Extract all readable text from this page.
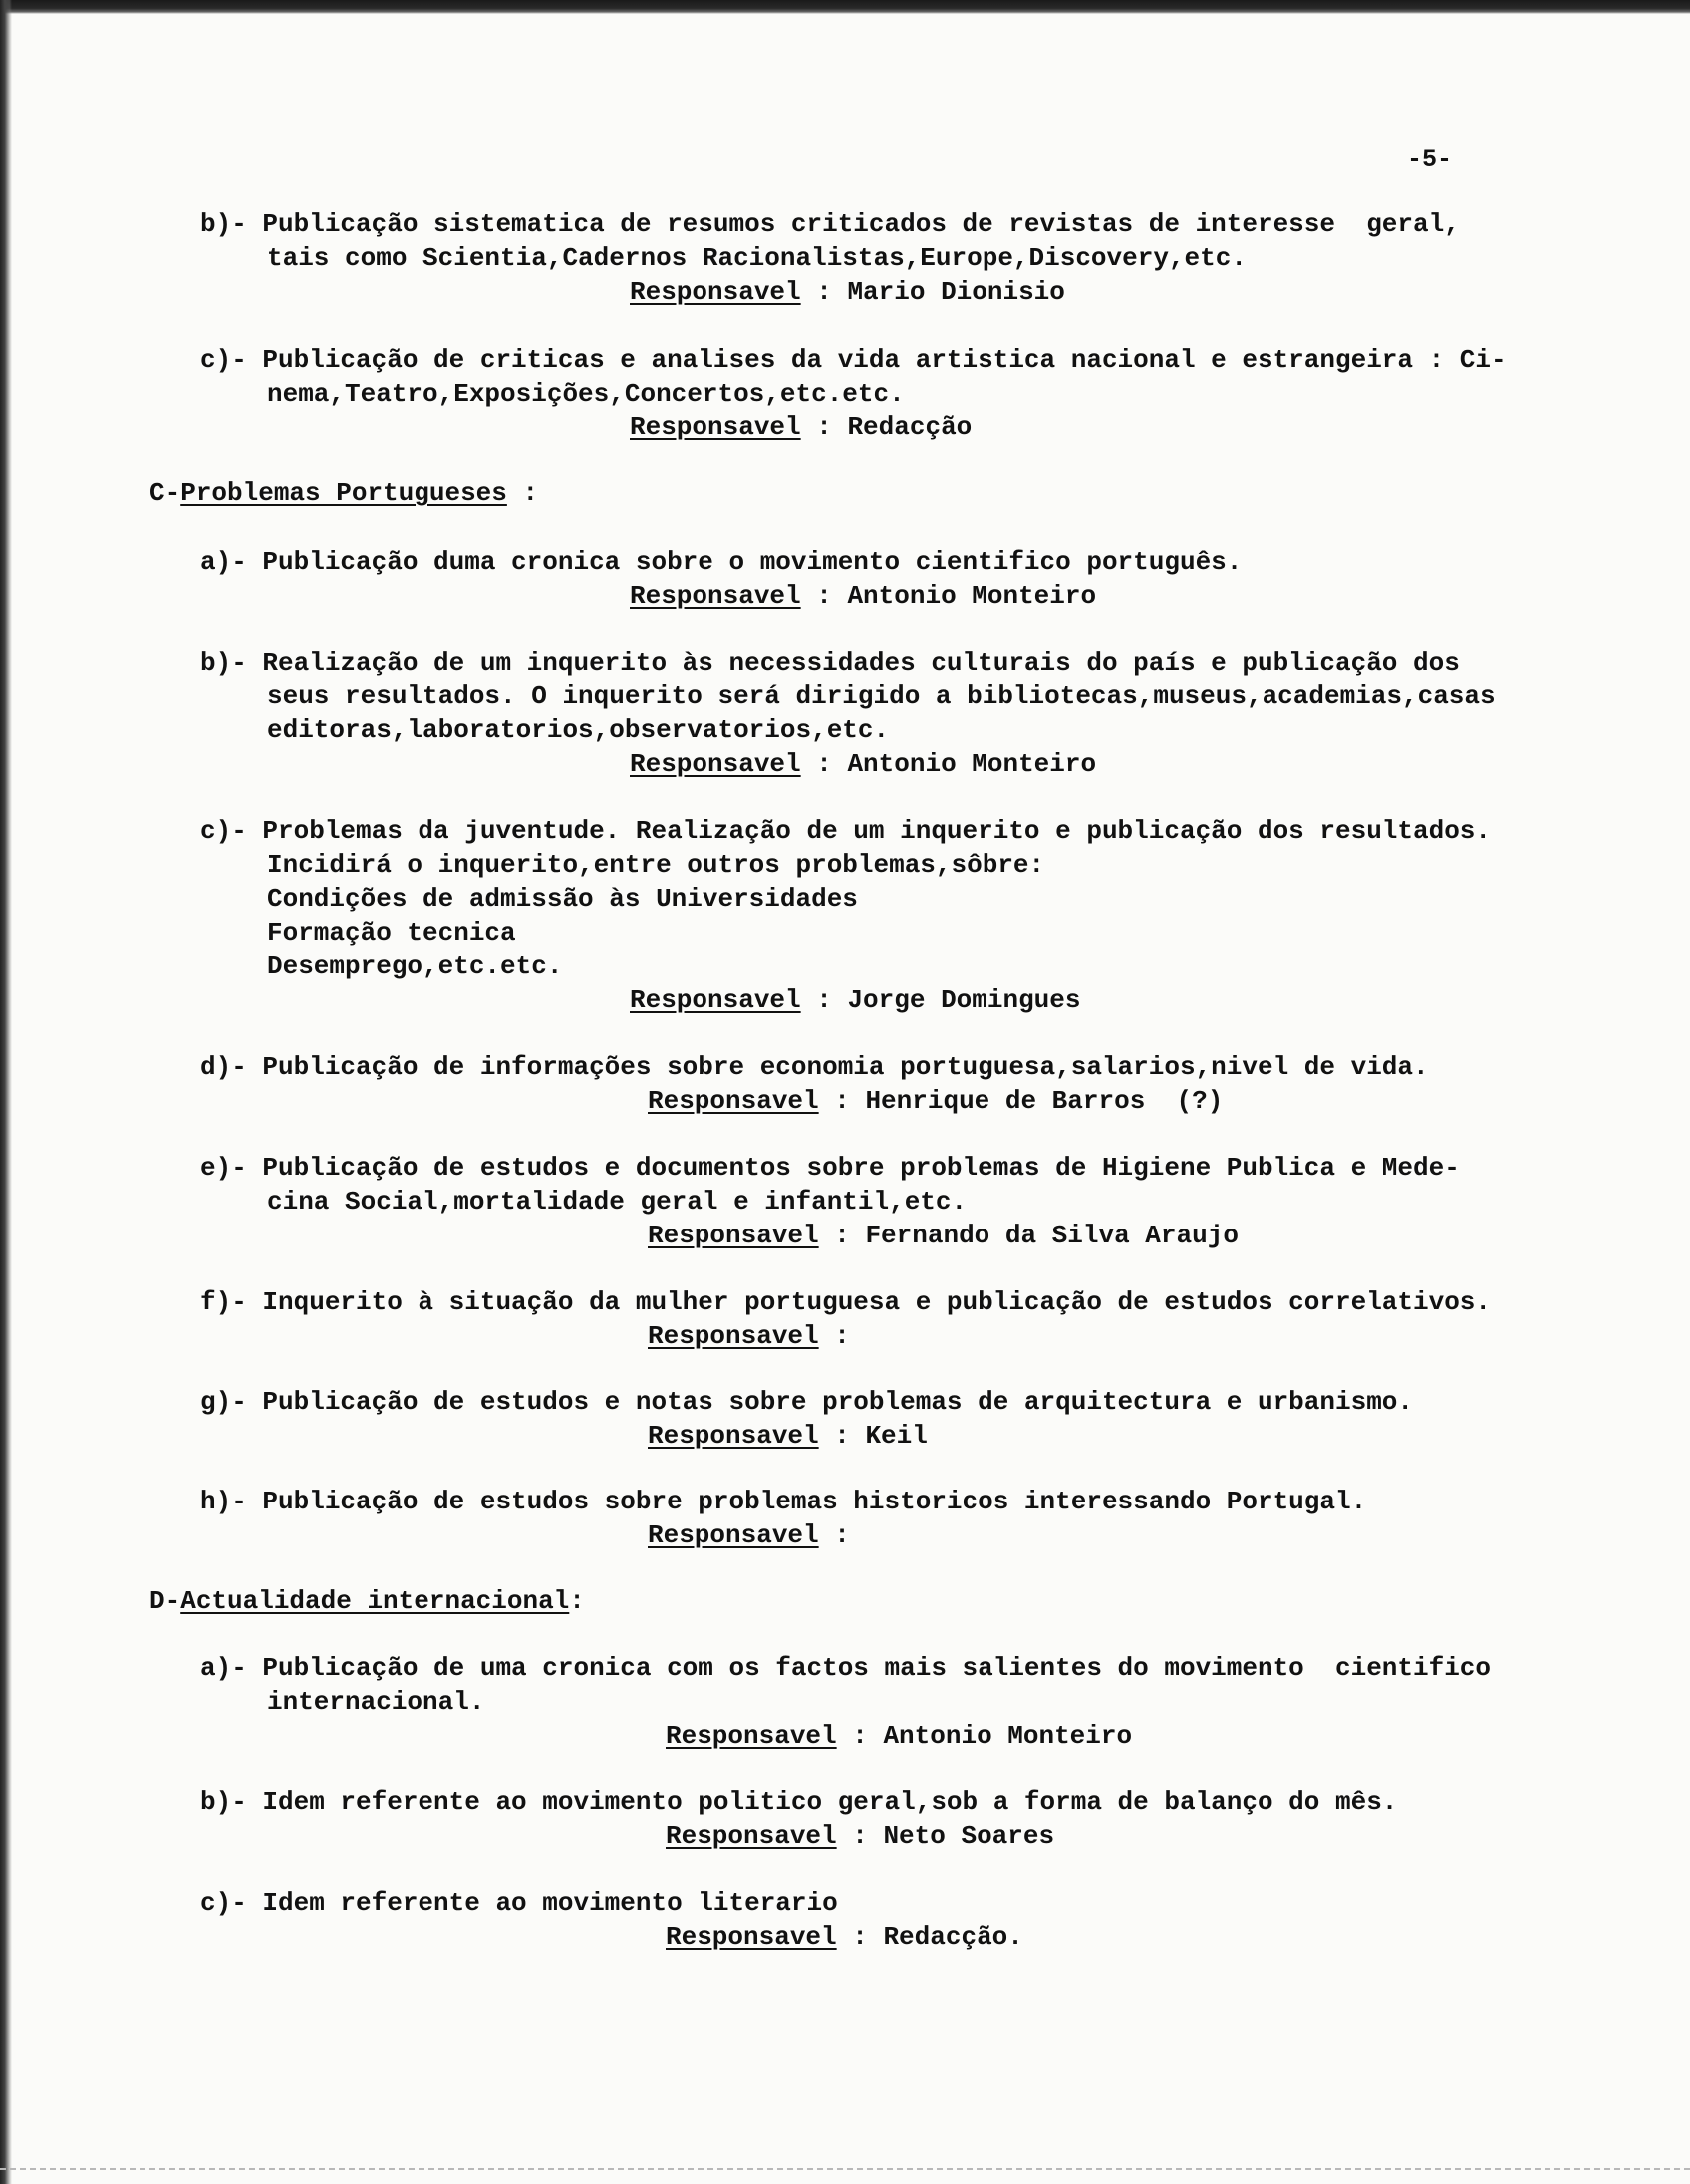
-5-
b)- Publicação sistematica de resumos criticados de revistas de interesse  geral,
tais como Scientia,Cadernos Racionalistas,Europe,Discovery,etc.
Responsavel : Mario Dionisio
c)- Publicação de criticas e analises da vida artistica nacional e estrangeira : Ci-
nema,Teatro,Exposições,Concertos,etc.etc.
Responsavel : Redacção
C-Problemas Portugueses :
a)- Publicação duma cronica sobre o movimento cientifico português.
Responsavel : Antonio Monteiro
b)- Realização de um inquerito às necessidades culturais do país e publicação dos
seus resultados. O inquerito será dirigido a bibliotecas,museus,academias,casas
editoras,laboratorios,observatorios,etc.
Responsavel : Antonio Monteiro
c)- Problemas da juventude. Realização de um inquerito e publicação dos resultados.
Incidirá o inquerito,entre outros problemas,sôbre:
Condições de admissão às Universidades
Formação tecnica
Desemprego,etc.etc.
Responsavel : Jorge Domingues
d)- Publicação de informações sobre economia portuguesa,salarios,nivel de vida.
Responsavel : Henrique de Barros  (?)
e)- Publicação de estudos e documentos sobre problemas de Higiene Publica e Mede-
cina Social,mortalidade geral e infantil,etc.
Responsavel : Fernando da Silva Araujo
f)- Inquerito à situação da mulher portuguesa e publicação de estudos correlativos.
Responsavel :
g)- Publicação de estudos e notas sobre problemas de arquitectura e urbanismo.
Responsavel : Keil
h)- Publicação de estudos sobre problemas historicos interessando Portugal.
Responsavel :
D-Actualidade internacional:
a)- Publicação de uma cronica com os factos mais salientes do movimento  cientifico
internacional.
Responsavel : Antonio Monteiro
b)- Idem referente ao movimento politico geral,sob a forma de balanço do mês.
Responsavel : Neto Soares
c)- Idem referente ao movimento literario
Responsavel : Redacção.
